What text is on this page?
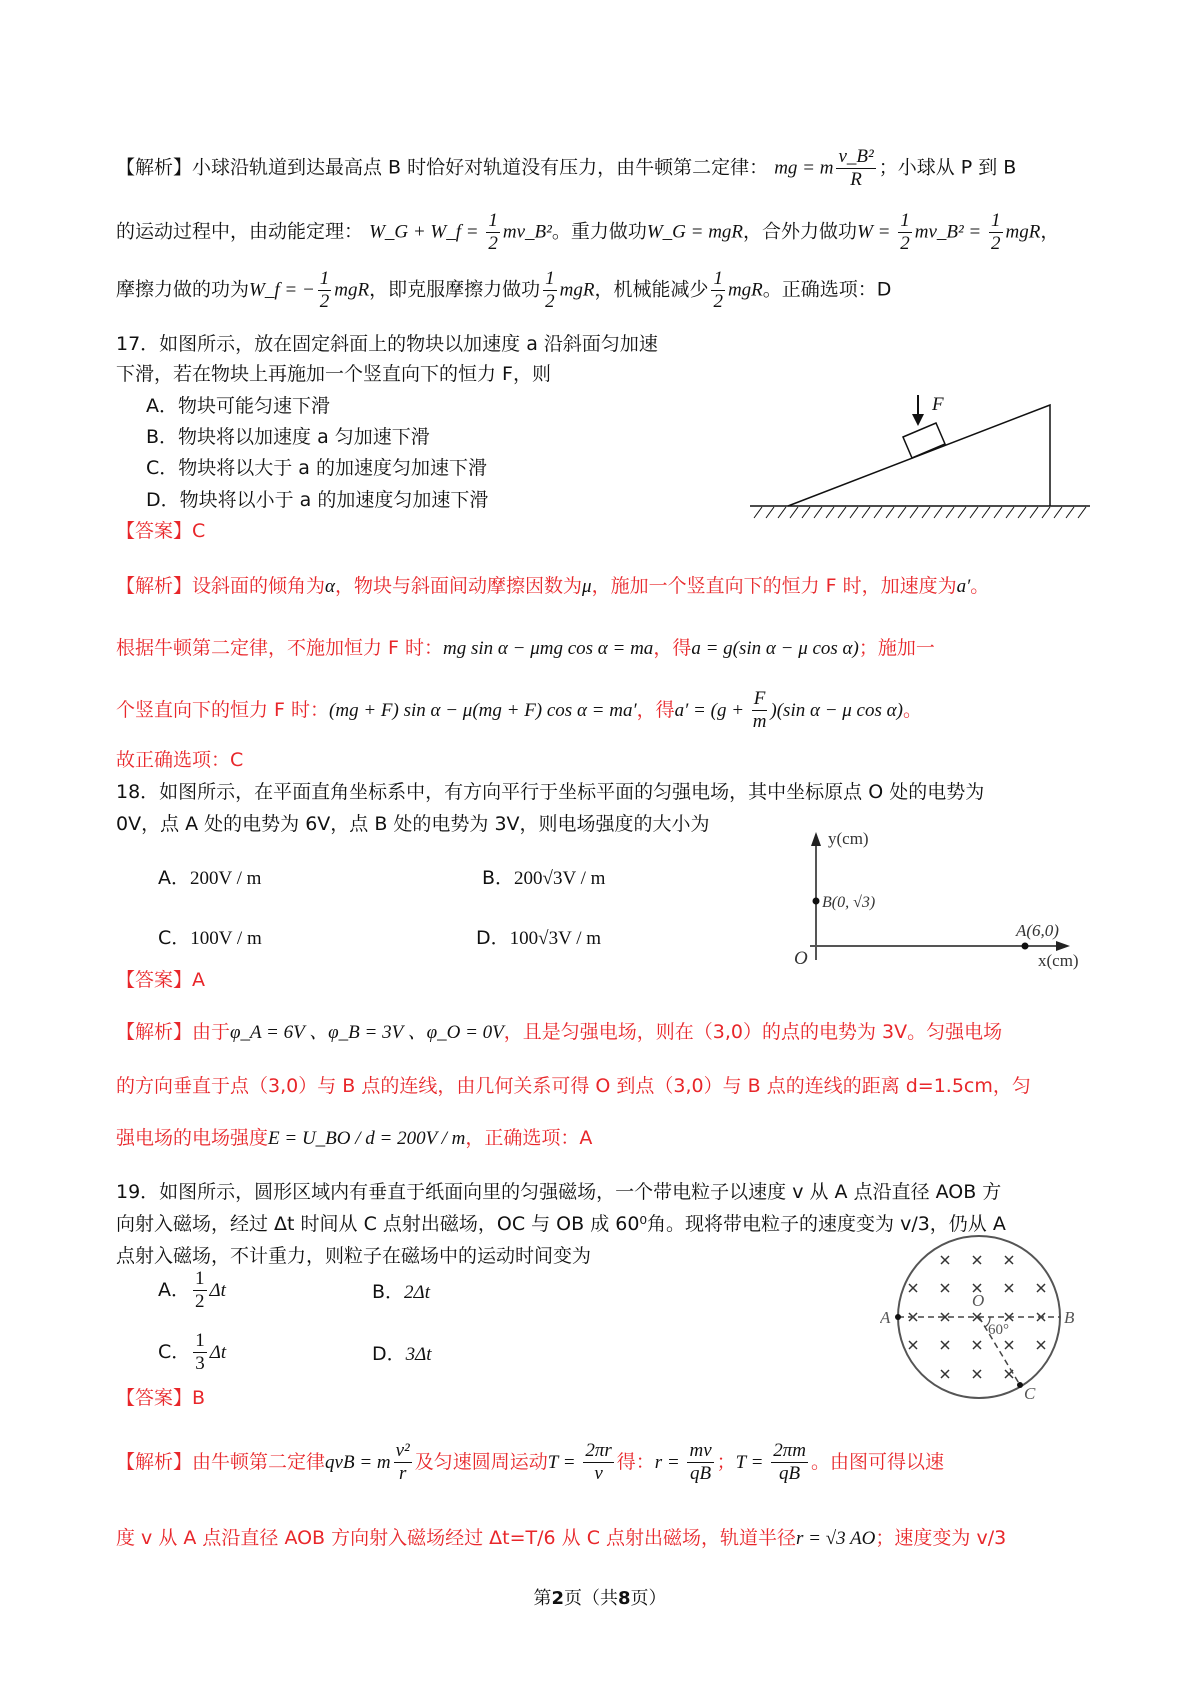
【解析】小球沿轨道到达最高点 B 时恰好对轨道没有压力，由牛顿第二定律： mg = m $\frac{\text{v\_B²}}{R}$ ；小球从 P 到 B
的运动过程中，由动能定理： W_G + W_f = $\frac{1}{2}$ mv_B²。重力做功W_G = mgR，合外力做功$W = \frac{1}{2}$ mv_B² = $\frac{1}{2}$ mgR，
摩擦力做的功为W_f = − $\frac{1}{2}$ mgR，即克服摩擦力做功 $\frac{1}{2}$ mgR，机械能减少 $\frac{1}{2}$ mgR。正确选项：D
17．如图所示，放在固定斜面上的物块以加速度 a 沿斜面匀加速
下滑，若在物块上再施加一个竖直向下的恒力 F，则
A．物块可能匀速下滑
B．物块将以加速度 a 匀加速下滑
C．物块将以大于 a 的加速度匀加速下滑
D．物块将以小于 a 的加速度匀加速下滑
F
【答案】C
【解析】设斜面的倾角为α，物块与斜面间动摩擦因数为μ，施加一个竖直向下的恒力 F 时，加速度为a′。
根据牛顿第二定律，不施加恒力 F 时：mg sin α − μmg cos α = ma，得a = g(sin α − μ cos α)；施加一
个竖直向下的恒力 F 时：(mg + F) sin α − μ(mg + F) cos α = ma′，得$a' = (g + \frac{F}{m} )(\sin$ α − μ cos α)。
故正确选项：C
18．如图所示，在平面直角坐标系中，有方向平行于坐标平面的匀强电场，其中坐标原点 O 处的电势为
0V，点 A 处的电势为 6V，点 B 处的电势为 3V，则电场强度的大小为
A．200V / m	B．200√3V / m
C．100V / m	D．100√3V / m
y(cm)
x(cm)
O
B(0, √3)
A(6,0)
【答案】A
【解析】由于φ_A = 6V 、φ_B = 3V 、φ_O = 0V，且是匀强电场，则在（3,0）的点的电势为 3V。匀强电场
的方向垂直于点（3,0）与 B 点的连线，由几何关系可得 O 到点（3,0）与 B 点的连线的距离 d=1.5cm，匀
强电场的电场强度E = U_BO / d = 200V / m，正确选项：A
19．如图所示，圆形区域内有垂直于纸面向里的匀强磁场，一个带电粒子以速度 v 从 A 点沿直径 AOB 方
向射入磁场，经过 Δt 时间从 C 点射出磁场，OC 与 OB 成 60⁰角。现将带电粒子的速度变为 v/3，仍从 A
点射入磁场，不计重力，则粒子在磁场中的运动时间变为
A． $\frac{1}{2}$ Δt	B．2Δt
C． $\frac{1}{3}$ Δt	D．3Δt
A	B
C
O
60°
【答案】B
【解析】由牛顿第二定律qvB = m $\frac{\text{v²}}{r}$ 及匀速圆周运动$T = \frac{2\pi r}{v}$ 得：$r = \frac{mv}{qB}$ ；$T = \frac{2\pi m}{qB}$ 。由图可得以速
度 v 从 A 点沿直径 AOB 方向射入磁场经过 Δt=T/6 从 C 点射出磁场，轨道半径r = √3 AO；速度变为 v/3
第2页（共8页）
